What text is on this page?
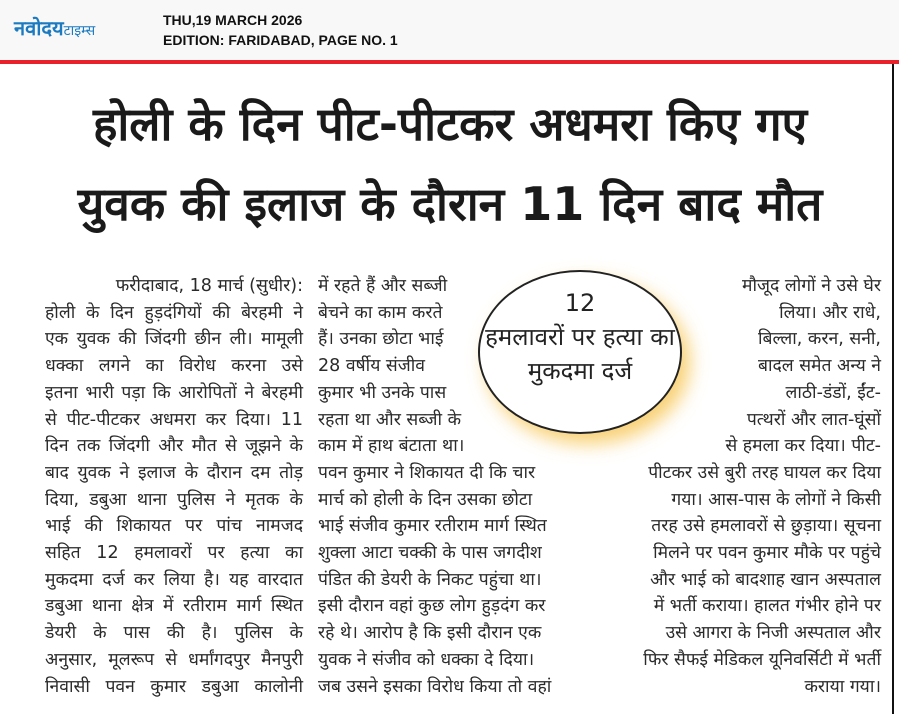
नवोदयटाइम्स
THU,19 MARCH 2026
EDITION: FARIDABAD, PAGE NO. 1
होली के दिन पीट-पीटकर अधमरा किए गए
युवक की इलाज के दौरान 11 दिन बाद मौत
फरीदाबाद, 18 मार्च (सुधीर):
होली के दिन हुड़दंगियों की बेरहमी ने
एक युवक की जिंदगी छीन ली। मामूली
धक्का लगने का विरोध करना उसे
इतना भारी पड़ा कि आरोपितों ने बेरहमी
से पीट-पीटकर अधमरा कर दिया। 11
दिन तक जिंदगी और मौत से जूझने के
बाद युवक ने इलाज के दौरान दम तोड़
दिया, डबुआ थाना पुलिस ने मृतक के
भाई की शिकायत पर पांच नामजद
सहित 12 हमलावरों पर हत्या का
मुकदमा दर्ज कर लिया है। यह वारदात
डबुआ थाना क्षेत्र में रतीराम मार्ग स्थित
डेयरी के पास की है। पुलिस के
अनुसार, मूलरूप से धर्मांगदपुर मैनपुरी
निवासी पवन कुमार डबुआ कालोनी
में रहते हैं और सब्जी
बेचने का काम करते
हैं। उनका छोटा भाई
28 वर्षीय संजीव
कुमार भी उनके पास
रहता था और सब्जी के
काम में हाथ बंटाता था।
पवन कुमार ने शिकायत दी कि चार
मार्च को होली के दिन उसका छोटा
भाई संजीव कुमार रतीराम मार्ग स्थित
शुक्ला आटा चक्की के पास जगदीश
पंडित की डेयरी के निकट पहुंचा था।
इसी दौरान वहां कुछ लोग हुड़दंग कर
रहे थे। आरोप है कि इसी दौरान एक
युवक ने संजीव को धक्का दे दिया।
जब उसने इसका विरोध किया तो वहां
मौजूद लोगों ने उसे घेर
लिया। और राधे,
बिल्ला, करन, सनी,
बादल समेत अन्य ने
लाठी-डंडों, ईंट-
पत्थरों और लात-घूंसों
से हमला कर दिया। पीट-
पीटकर उसे बुरी तरह घायल कर दिया
गया। आस-पास के लोगों ने किसी
तरह उसे हमलावरों से छुड़ाया। सूचना
मिलने पर पवन कुमार मौके पर पहुंचे
और भाई को बादशाह खान अस्पताल
में भर्ती कराया। हालत गंभीर होने पर
उसे आगरा के निजी अस्पताल और
फिर सैफई मेडिकल यूनिवर्सिटी में भर्ती
कराया गया।
12
हमलावरों पर हत्या का
मुकदमा दर्ज
